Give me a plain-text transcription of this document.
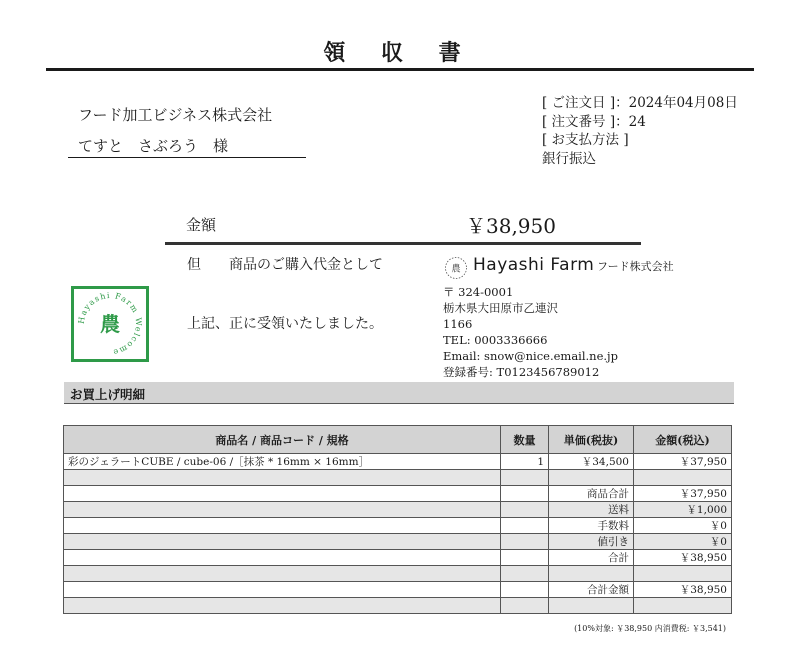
領 収 書
フード加工ビジネス株式会社
てすと　さぶろう　様
[ ご注文日 ]：2024年04月08日
[ 注文番号 ]：24
[ お支払方法 ]
銀行振込
金額	￥38,950
但　　商品のご購入代金として
上記、正に受領いたしました。
Hayashi Farm Welcome
農
農 Hayashi Farm フード株式会社
〒 324-0001
栃木県大田原市乙連沢
1166
TEL: 0003336666
Email: snow@nice.email.ne.jp
登録番号: T0123456789012
お買上げ明細
商品名 / 商品コード / 規格	数量	単価(税抜)	金額(税込)
彩のジェラートCUBE / cube-06 /［抹茶 * 16mm × 16mm］	1	￥34,500	￥37,950

		商品合計	￥37,950
		送料	￥1,000
		手数料	￥0
		値引き	￥0
		合計	￥38,950

		合計金額	￥38,950

(10%対象: ￥38,950 内消費税: ￥3,541)
